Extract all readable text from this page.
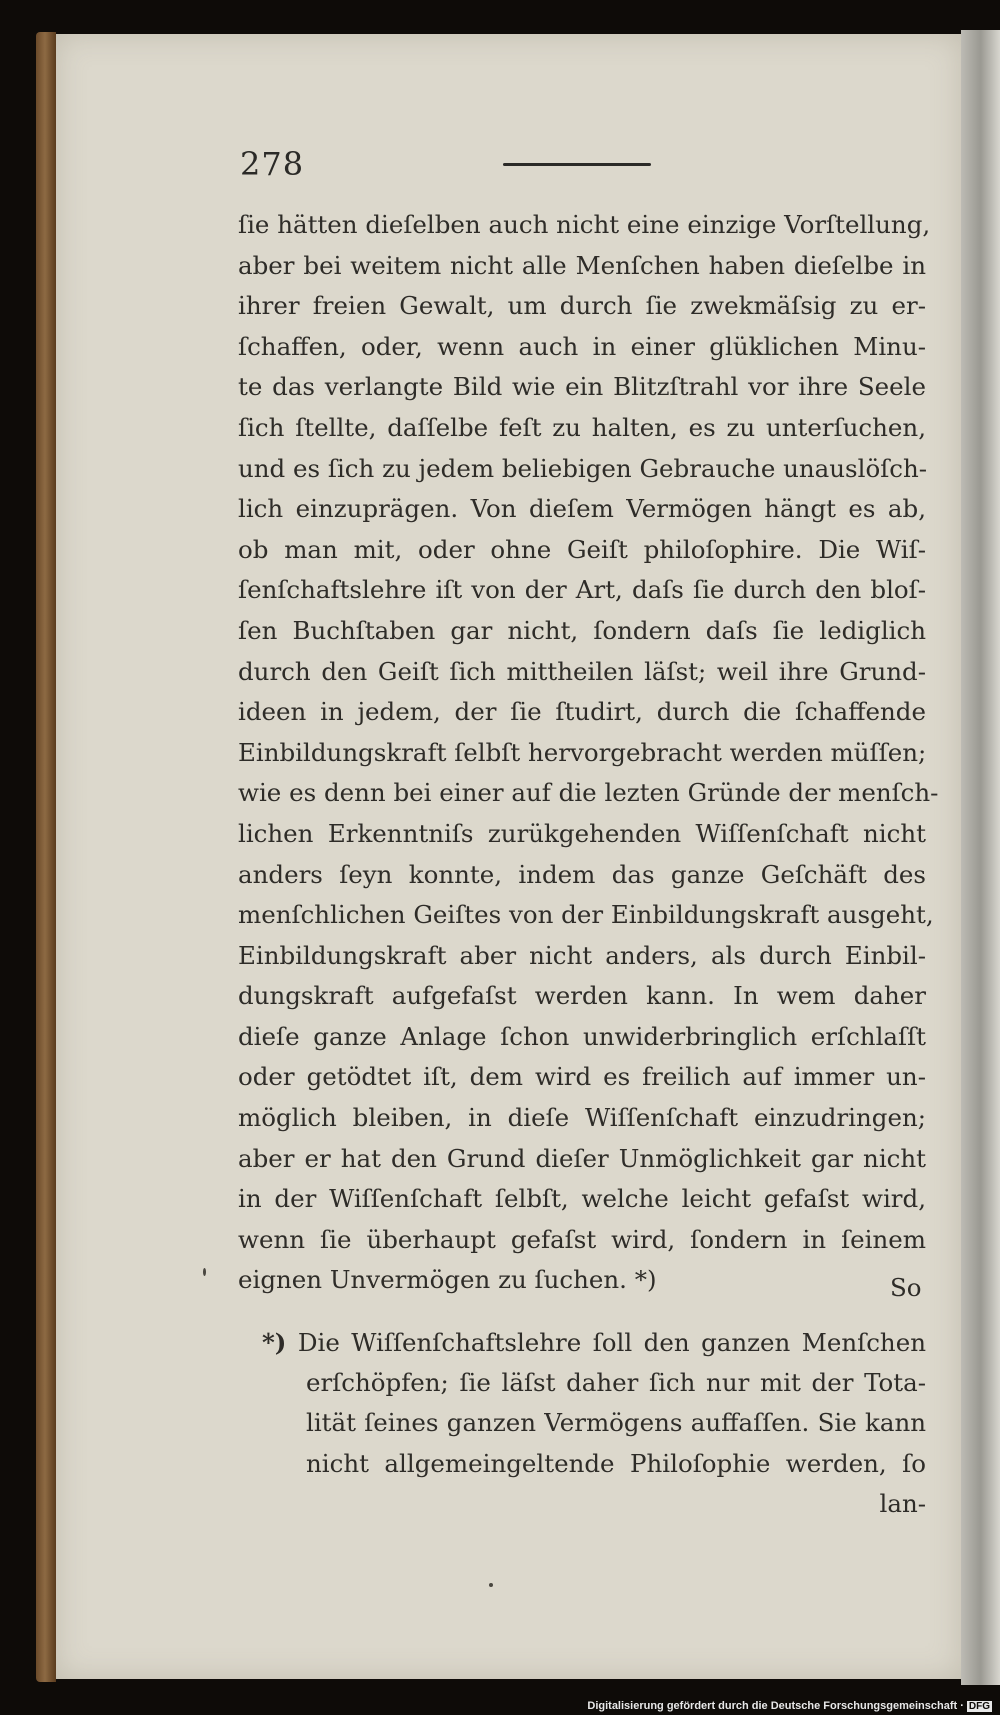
278
ſie hätten dieſelben auch nicht eine einzige Vorſtellung,
aber bei weitem nicht alle Menſchen haben dieſelbe in
ihrer freien Gewalt, um durch ſie zwekmäſsig zu er-
ſchaffen, oder, wenn auch in einer glüklichen Minu-
te das verlangte Bild wie ein Blitzſtrahl vor ihre Seele
ſich ſtellte, daſſelbe feſt zu halten, es zu unterſuchen,
und es ſich zu jedem beliebigen Gebrauche unauslöſch-
lich einzuprägen. Von dieſem Vermögen hängt es ab,
ob man mit, oder ohne Geiſt philoſophire. Die Wiſ-
ſenſchaftslehre iſt von der Art, daſs ſie durch den bloſ-
ſen Buchſtaben gar nicht, ſondern daſs ſie lediglich
durch den Geiſt ſich mittheilen läſst; weil ihre Grund-
ideen in jedem, der ſie ſtudirt, durch die ſchaffende
Einbildungskraft ſelbſt hervorgebracht werden müſſen;
wie es denn bei einer auf die lezten Gründe der menſch-
lichen Erkenntniſs zurükgehenden Wiſſenſchaft nicht
anders ſeyn konnte, indem das ganze Geſchäft des
menſchlichen Geiſtes von der Einbildungskraft ausgeht,
Einbildungskraft aber nicht anders, als durch Einbil-
dungskraft aufgefaſst werden kann. In wem daher
dieſe ganze Anlage ſchon unwiderbringlich erſchlaſſt
oder getödtet iſt, dem wird es freilich auf immer un-
möglich bleiben, in dieſe Wiſſenſchaft einzudringen;
aber er hat den Grund dieſer Unmöglichkeit gar nicht
in der Wiſſenſchaft ſelbſt, welche leicht gefaſst wird,
wenn ſie überhaupt gefaſst wird, ſondern in ſeinem
eignen Unvermögen zu ſuchen. *)	So
*) Die Wiſſenſchaftslehre ſoll den ganzen Menſchen
erſchöpfen; ſie läſst daher ſich nur mit der Tota-
lität ſeines ganzen Vermögens auffaſſen. Sie kann
nicht allgemeingeltende Philoſophie werden, ſo
lan-
Digitalisierung gefördert durch die Deutsche Forschungsgemeinschaft · DFG
